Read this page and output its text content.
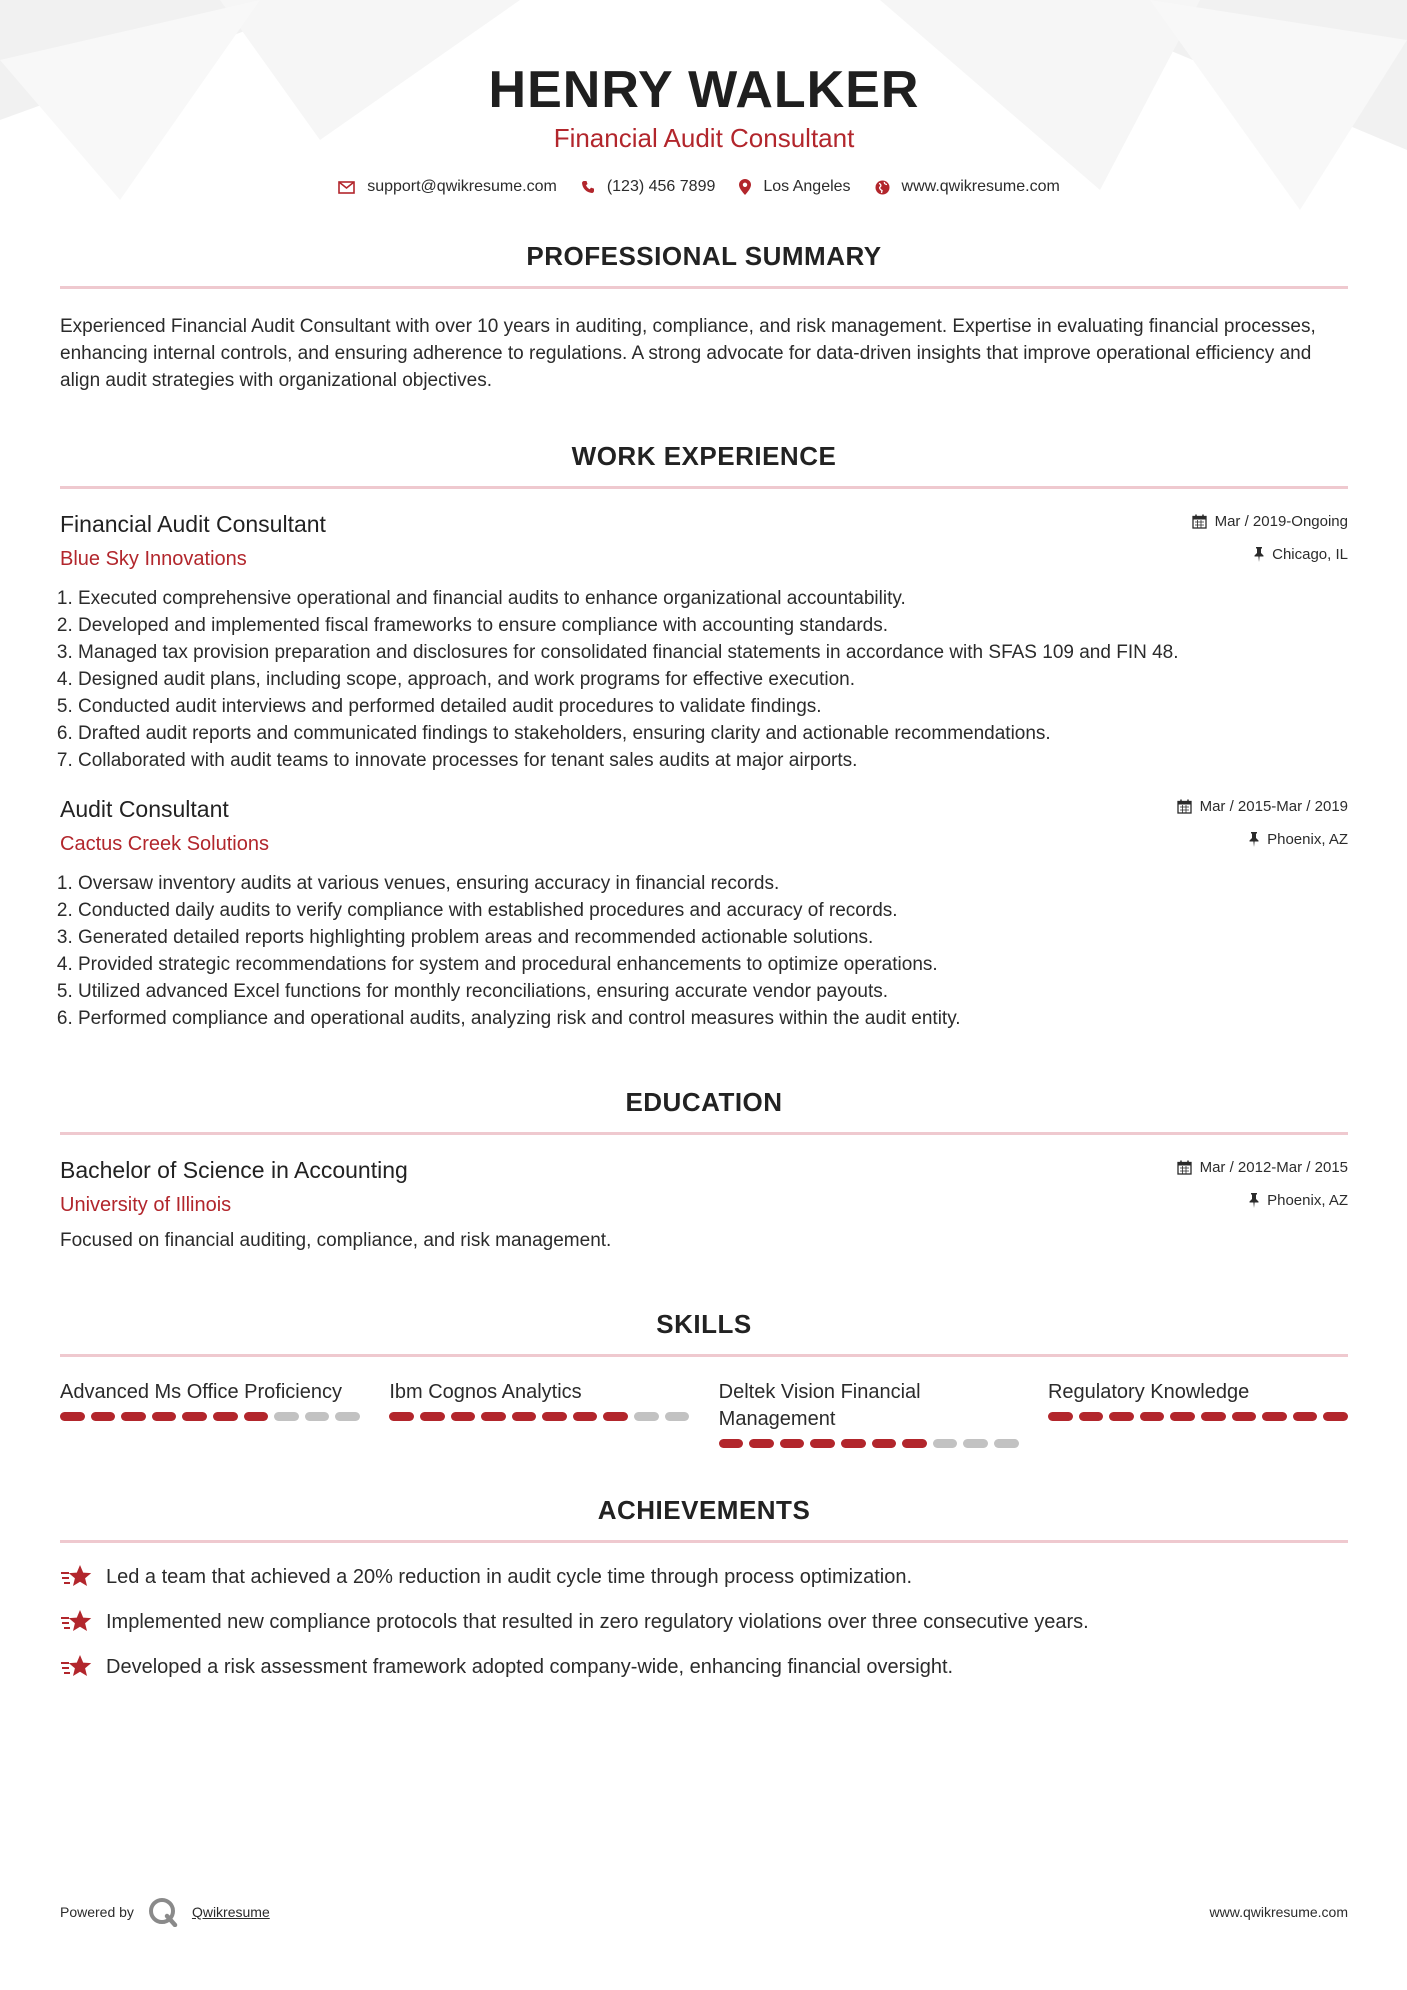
HENRY WALKER
Financial Audit Consultant
support@qwikresume.com	(123) 456 7899	Los Angeles	www.qwikresume.com
PROFESSIONAL SUMMARY

Experienced Financial Audit Consultant with over 10 years in auditing, compliance, and risk management. Expertise in evaluating financial processes, enhancing internal controls, and ensuring adherence to regulations. A strong advocate for data-driven insights that improve operational efficiency and align audit strategies with organizational objectives.

WORK EXPERIENCE
Financial Audit Consultant
Blue Sky Innovations
Mar / 2019-Ongoing
Chicago, IL
1. Executed comprehensive operational and financial audits to enhance organizational accountability.
2. Developed and implemented fiscal frameworks to ensure compliance with accounting standards.
3. Managed tax provision preparation and disclosures for consolidated financial statements in accordance with SFAS 109 and FIN 48.
4. Designed audit plans, including scope, approach, and work programs for effective execution.
5. Conducted audit interviews and performed detailed audit procedures to validate findings.
6. Drafted audit reports and communicated findings to stakeholders, ensuring clarity and actionable recommendations.
7. Collaborated with audit teams to innovate processes for tenant sales audits at major airports.
Audit Consultant
Cactus Creek Solutions
Mar / 2015-Mar / 2019
Phoenix, AZ
1. Oversaw inventory audits at various venues, ensuring accuracy in financial records.
2. Conducted daily audits to verify compliance with established procedures and accuracy of records.
3. Generated detailed reports highlighting problem areas and recommended actionable solutions.
4. Provided strategic recommendations for system and procedural enhancements to optimize operations.
5. Utilized advanced Excel functions for monthly reconciliations, ensuring accurate vendor payouts.
6. Performed compliance and operational audits, analyzing risk and control measures within the audit entity.
EDUCATION
Bachelor of Science in Accounting
University of Illinois
Mar / 2012-Mar / 2015
Phoenix, AZ
Focused on financial auditing, compliance, and risk management.
SKILLS
Advanced Ms Office Proficiency	Ibm Cognos Analytics	Deltek Vision Financial Management
Regulatory Knowledge
ACHIEVEMENTS
Led a team that achieved a 20% reduction in audit cycle time through process optimization.
Implemented new compliance protocols that resulted in zero regulatory violations over three consecutive years.
Developed a risk assessment framework adopted company-wide, enhancing financial oversight.
Powered by	Qwikresume	www.qwikresume.com
